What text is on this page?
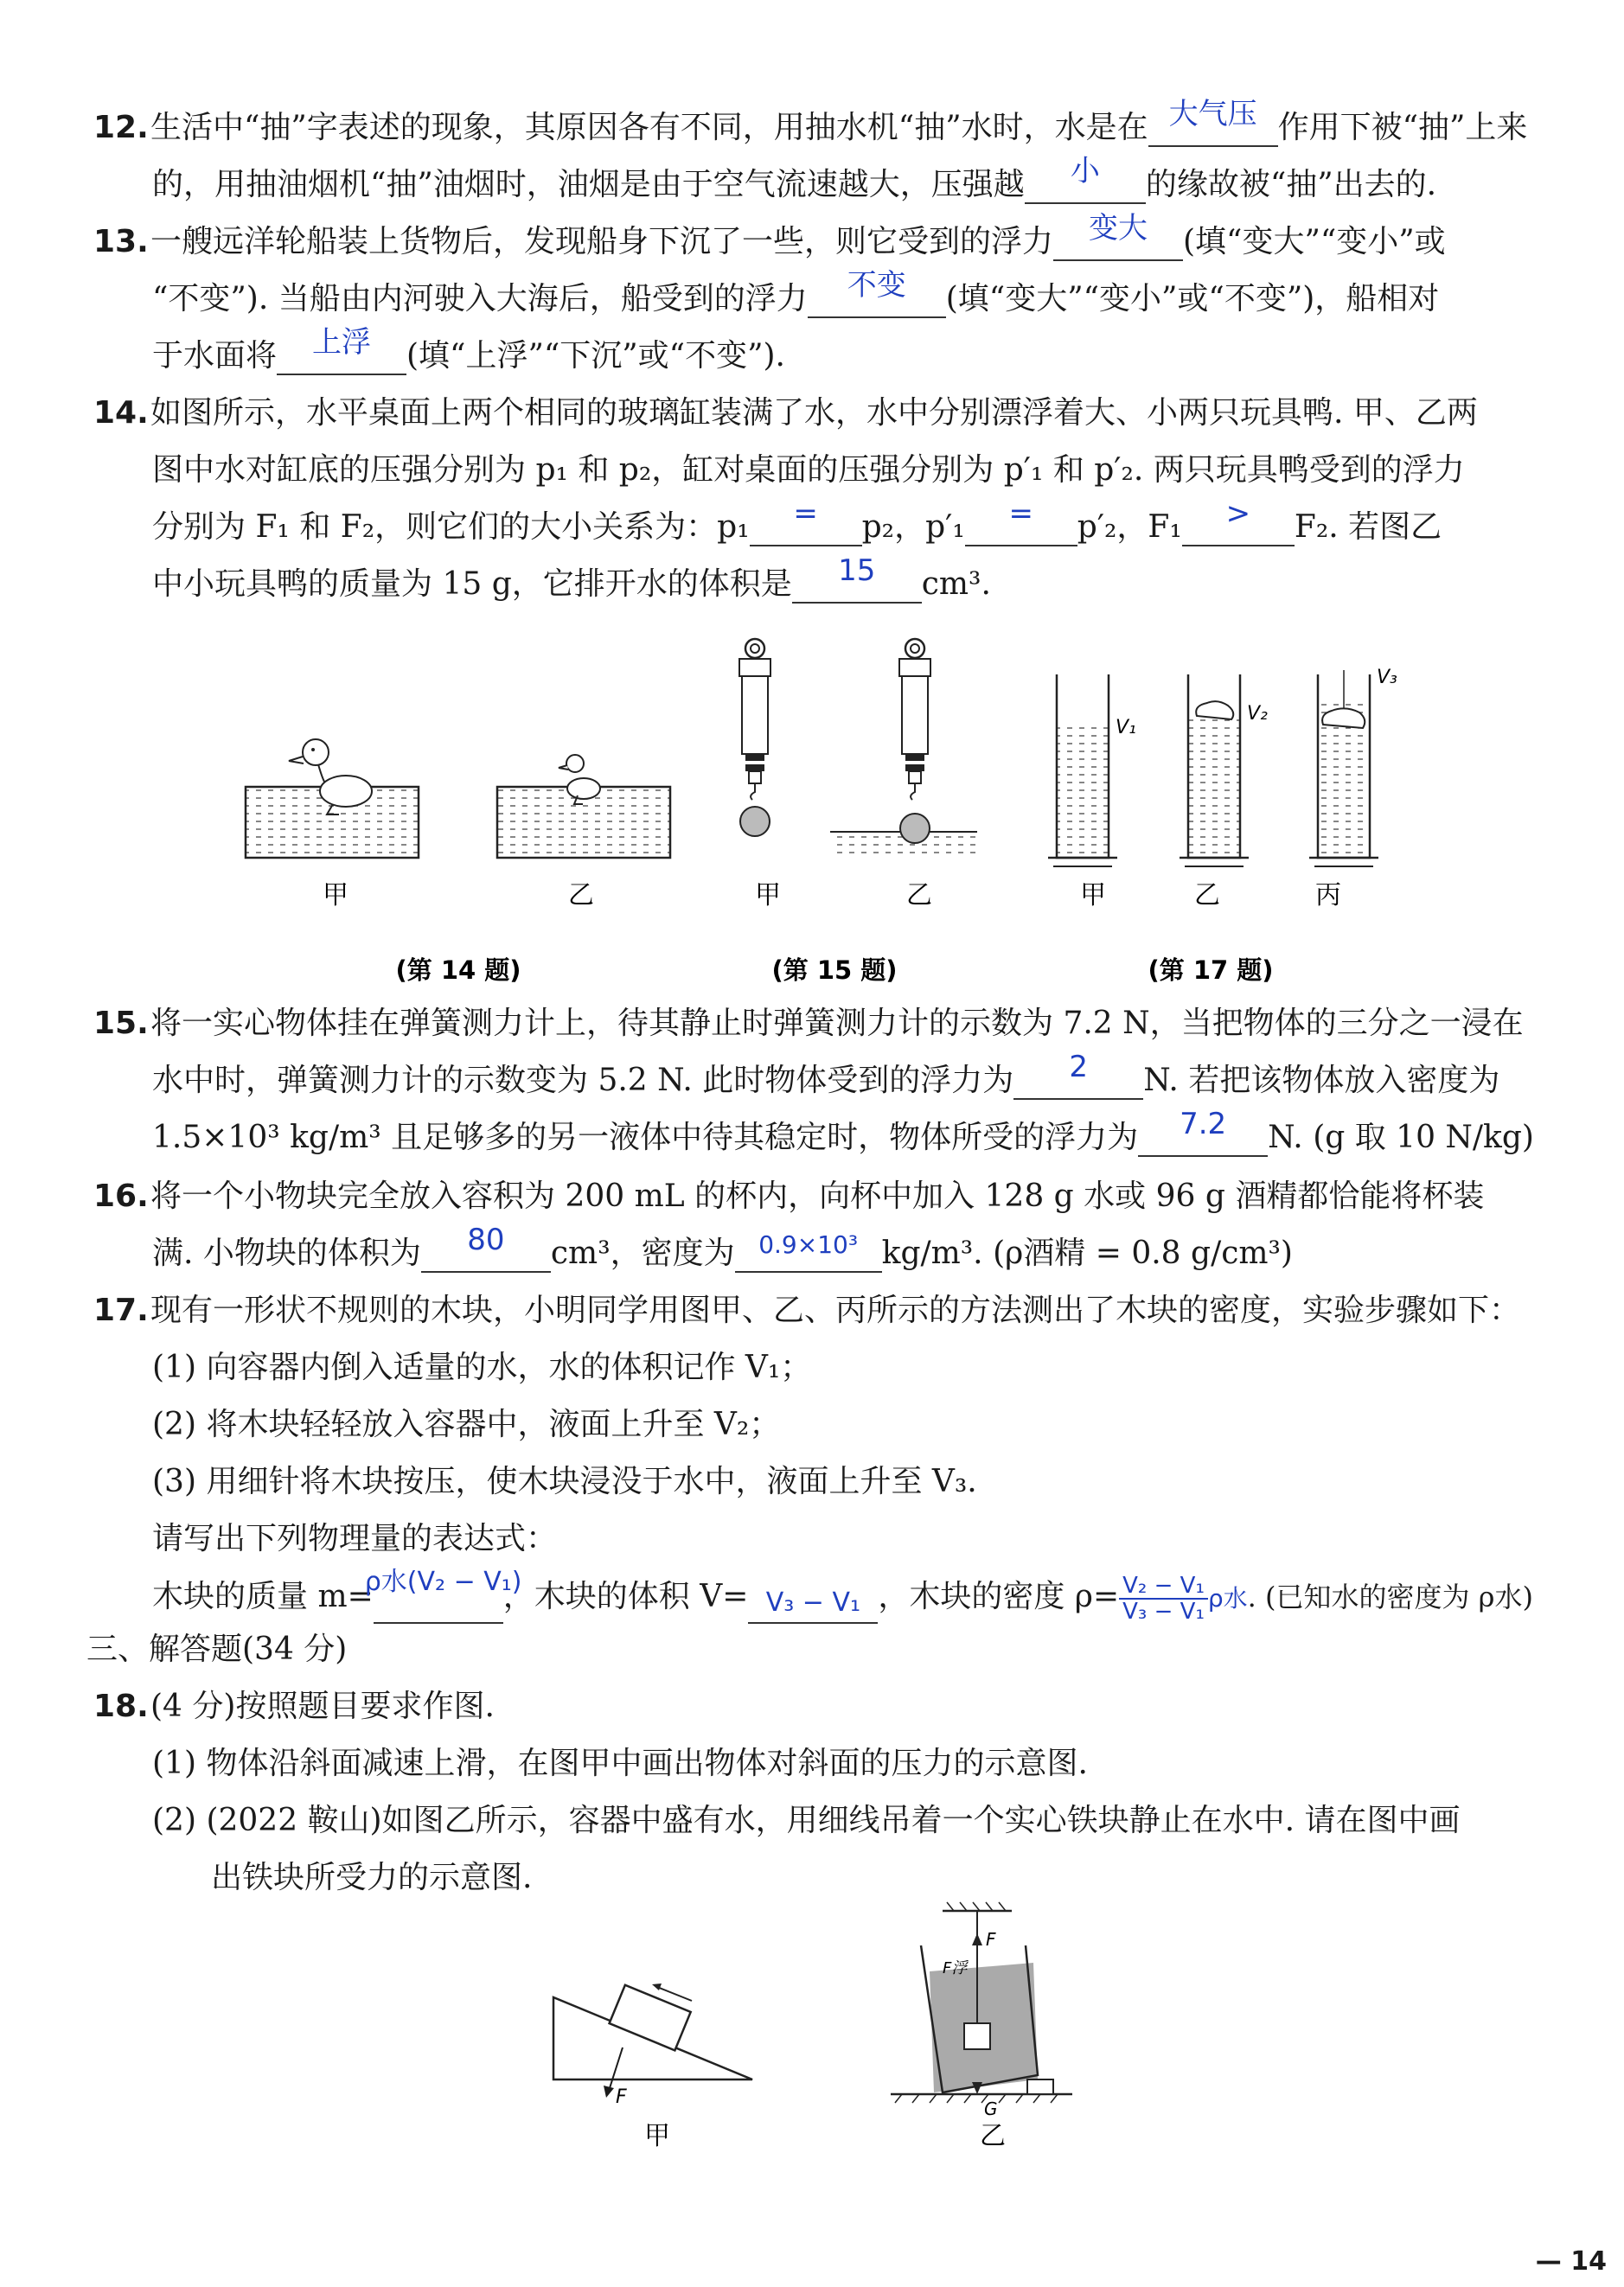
12.生活中“抽”字表述的现象，其原因各有不同，用抽水机“抽”水时，水是在 大气压 作用下被“抽”上来
的，用抽油烟机“抽”油烟时，油烟是由于空气流速越大，压强越	小	的缘故被“抽”出去的.
13.一艘远洋轮船装上货物后，发现船身下沉了一些，则它受到的浮力	变大	(填“变大”“变小”或
“不变”). 当船由内河驶入大海后，船受到的浮力	不变	(填“变大”“变小”或“不变”)，船相对
于水面将	上浮	(填“上浮”“下沉”或“不变”).
14.如图所示，水平桌面上两个相同的玻璃缸装满了水，水中分别漂浮着大、小两只玩具鸭. 甲、乙两
图中水对缸底的压强分别为 p₁ 和 p₂，缸对桌面的压强分别为 p′₁ 和 p′₂. 两只玩具鸭受到的浮力
分别为 F₁ 和 F₂，则它们的大小关系为：p₁	=	p₂，p′₁	=	p′₂，F₁	>	F₂. 若图乙
中小玩具鸭的质量为 15 g，它排开水的体积是	15	cm³.
甲	乙	甲	乙
V₁
V₂
V₃
甲	乙	丙
(第 14 题)	(第 15 题)	(第 17 题)
15.将一实心物体挂在弹簧测力计上，待其静止时弹簧测力计的示数为 7.2 N，当把物体的三分之一浸在
水中时，弹簧测力计的示数变为 5.2 N. 此时物体受到的浮力为	2	N. 若把该物体放入密度为
1.5×10³ kg/m³ 且足够多的另一液体中待其稳定时，物体所受的浮力为	7.2	N. (g 取 10 N/kg)
16.将一个小物块完全放入容积为 200 mL 的杯内，向杯中加入 128 g 水或 96 g 酒精都恰能将杯装
满. 小物块的体积为	80	cm³，密度为 0.9×10³ kg/m³. (ρ酒精 = 0.8 g/cm³)
17.现有一形状不规则的木块，小明同学用图甲、乙、丙所示的方法测出了木块的密度，实验步骤如下：
(1) 向容器内倒入适量的水，水的体积记作 V₁；
(2) 将木块轻轻放入容器中，液面上升至 V₂；
(3) 用细针将木块按压，使木块浸没于水中，液面上升至 V₃.
请写出下列物理量的表达式：
木块的质量 m=
ρ水(V₂ − V₁)
，木块的体积 V= V₃ − V₁ ，木块的密度 $\rho= \frac{\text{V₂ − V₁}}{\text{V₃ − V₁}}$ ρ水. (已知水的密度为 ρ水)
三、解答题(34 分)
18.(4 分)按照题目要求作图.
(1) 物体沿斜面减速上滑，在图甲中画出物体对斜面的压力的示意图.
(2) (2022 鞍山)如图乙所示，容器中盛有水，用细线吊着一个实心铁块静止在水中. 请在图中画
出铁块所受力的示意图.
F
甲
F
F浮
G
乙
— 14
